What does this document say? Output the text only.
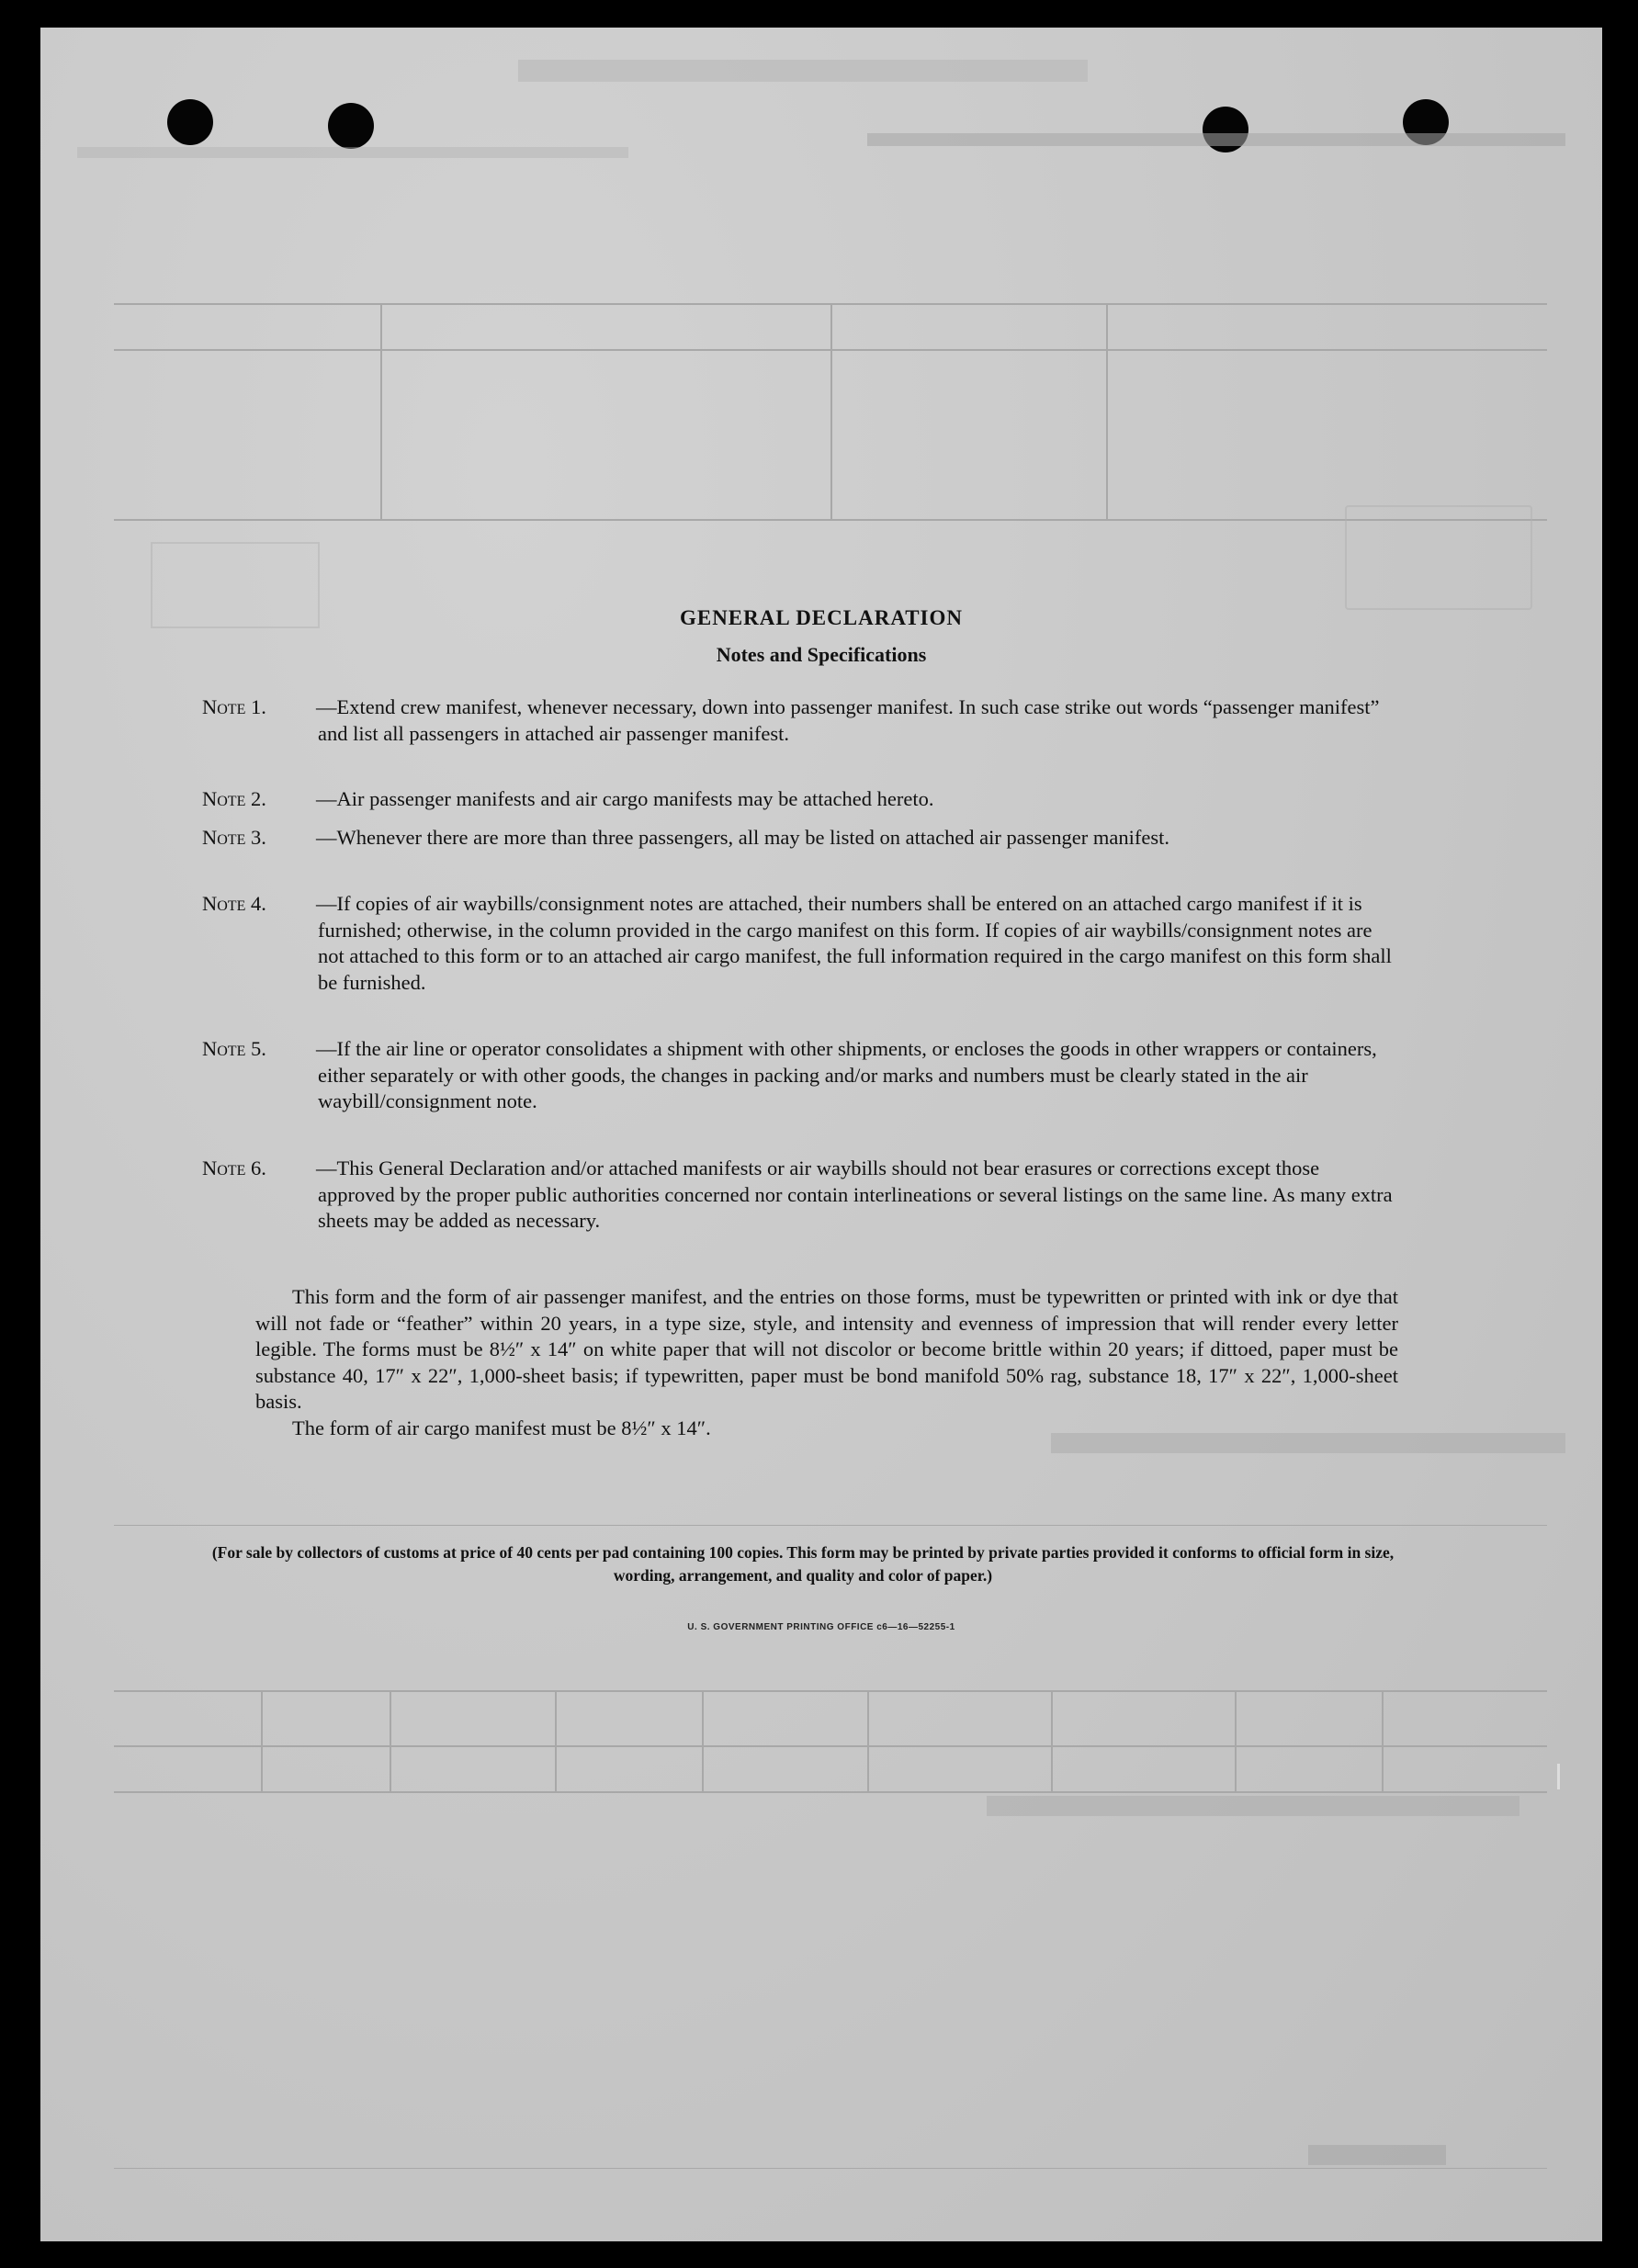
GENERAL DECLARATION
Notes and Specifications
Note 1. —Extend crew manifest, whenever necessary, down into passenger manifest. In such case strike out words “passenger manifest” and list all passengers in attached air passenger manifest.
Note 2. —Air passenger manifests and air cargo manifests may be attached hereto.
Note 3. —Whenever there are more than three passengers, all may be listed on attached air passenger manifest.
Note 4. —If copies of air waybills/consignment notes are attached, their numbers shall be entered on an attached cargo manifest if it is furnished; otherwise, in the column provided in the cargo manifest on this form. If copies of air waybills/consignment notes are not attached to this form or to an attached air cargo manifest, the full information required in the cargo manifest on this form shall be furnished.
Note 5. —If the air line or operator consolidates a shipment with other shipments, or encloses the goods in other wrappers or containers, either separately or with other goods, the changes in packing and/or marks and numbers must be clearly stated in the air waybill/consignment note.
Note 6. —This General Declaration and/or attached manifests or air waybills should not bear erasures or corrections except those approved by the proper public authorities concerned nor contain interlineations or several listings on the same line. As many extra sheets may be added as necessary.

This form and the form of air passenger manifest, and the entries on those forms, must be typewritten or printed with ink or dye that will not fade or “feather” within 20 years, in a type size, style, and intensity and evenness of impression that will render every letter legible. The forms must be 8½″ x 14″ on white paper that will not discolor or become brittle within 20 years; if dittoed, paper must be substance 40, 17″ x 22″, 1,000-sheet basis; if typewritten, paper must be bond manifold 50% rag, substance 18, 17″ x 22″, 1,000-sheet basis.

The form of air cargo manifest must be 8½″ x 14″.

(For sale by collectors of customs at price of 40 cents per pad containing 100 copies. This form may be printed by private parties provided it conforms to official form in size, wording, arrangement, and quality and color of paper.)
U. S. GOVERNMENT PRINTING OFFICE c6—16—52255-1
